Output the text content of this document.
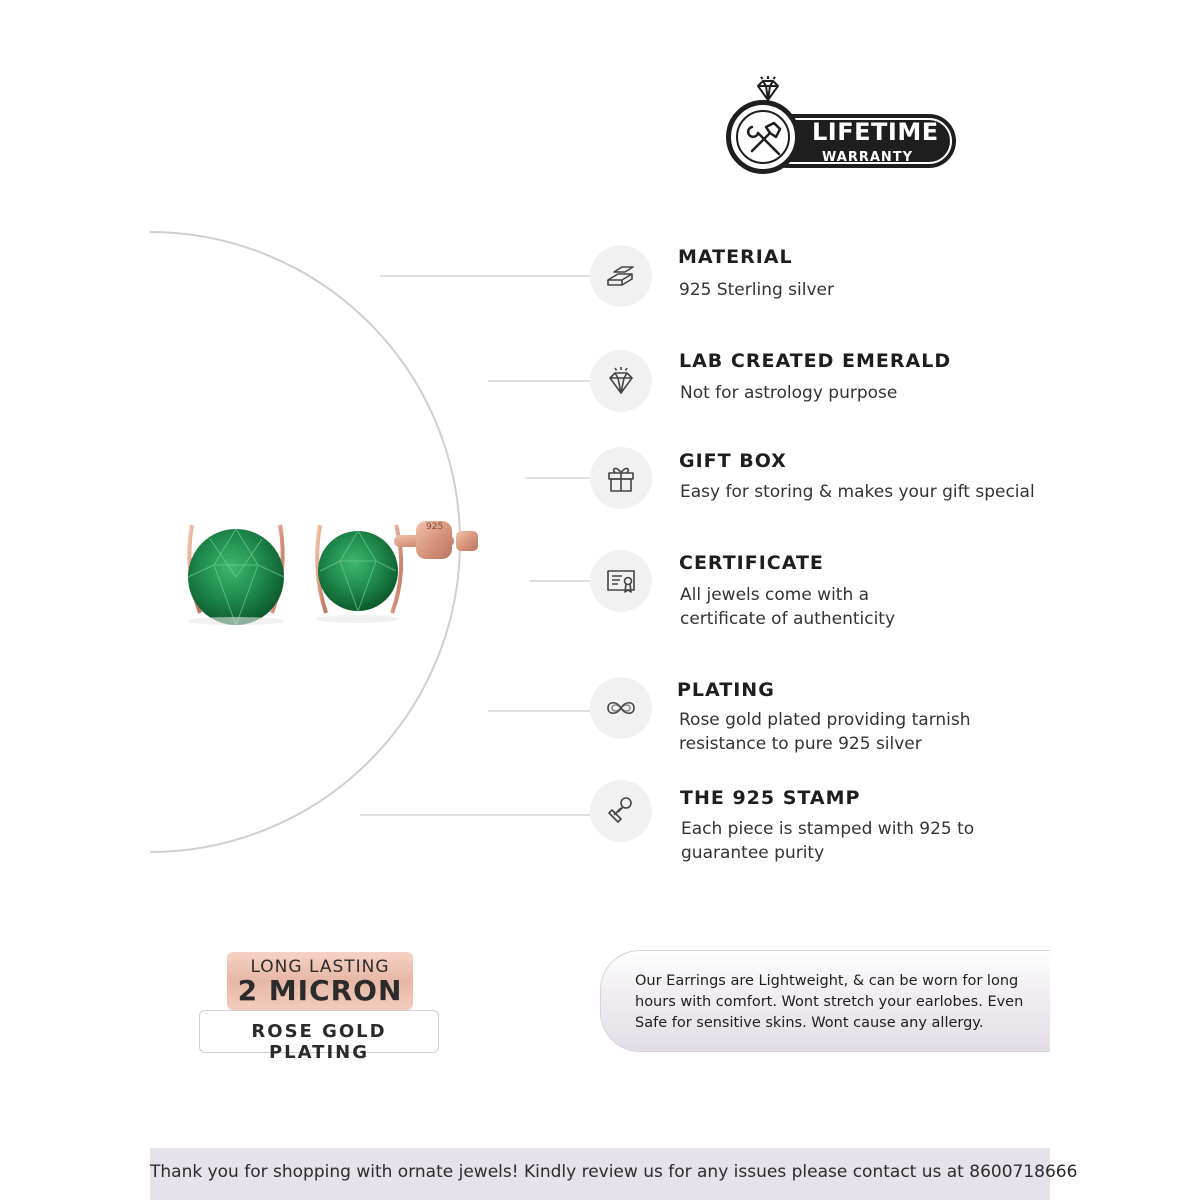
LIFETIME
WARRANTY
925
MATERIAL
925 Sterling silver
LAB CREATED EMERALD
Not for astrology purpose
GIFT BOX
Easy for storing & makes your gift special
CERTIFICATE
All jewels come with a
certificate of authenticity
PLATING
Rose gold plated providing tarnish
resistance to pure 925 silver
THE 925 STAMP
Each piece is stamped with 925 to
guarantee purity
LONG LASTING
2 MICRON
ROSE GOLD PLATING
Our Earrings are Lightweight, & can be worn for long hours with comfort. Wont stretch your earlobes. Even Safe for sensitive skins. Wont cause any allergy.
Thank you for shopping with ornate jewels! Kindly review us for any issues please contact us at 8600718666
